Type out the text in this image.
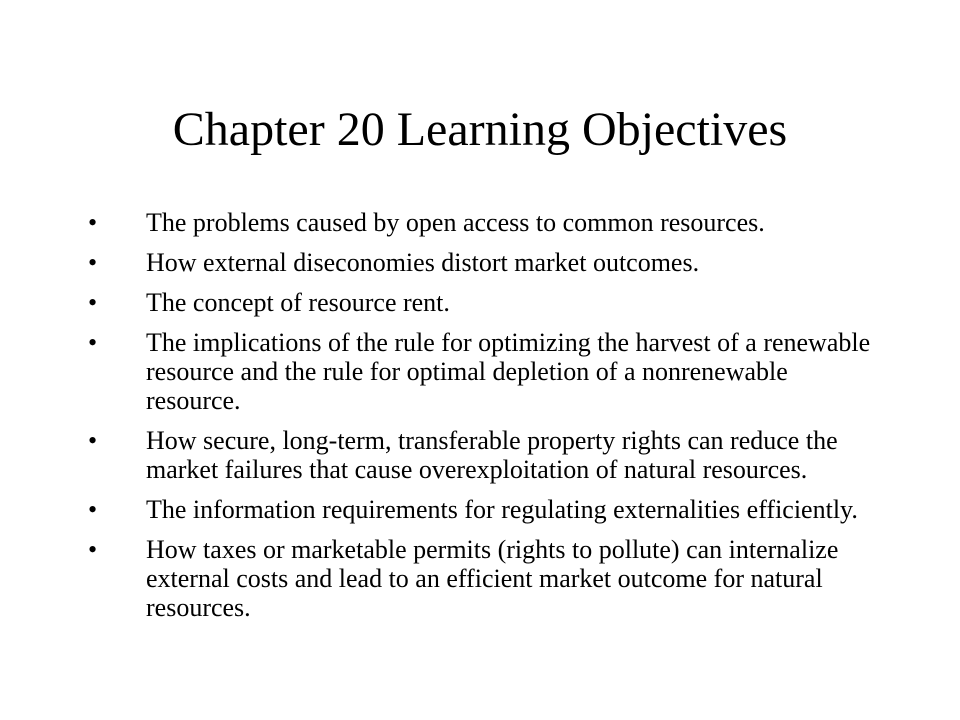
Chapter 20 Learning Objectives
•	The problems caused by open access to common resources.
•	How external diseconomies distort market outcomes.
•	The concept of resource rent.
•	The implications of the rule for optimizing the harvest of a renewable resource and the rule for optimal depletion of a nonrenewable resource.
•	How secure, long-term, transferable property rights can reduce the market failures that cause overexploitation of natural resources.
•	The information requirements for regulating externalities efficiently.
•	How taxes or marketable permits (rights to pollute) can internalize external costs and lead to an efficient market outcome for natural resources.
